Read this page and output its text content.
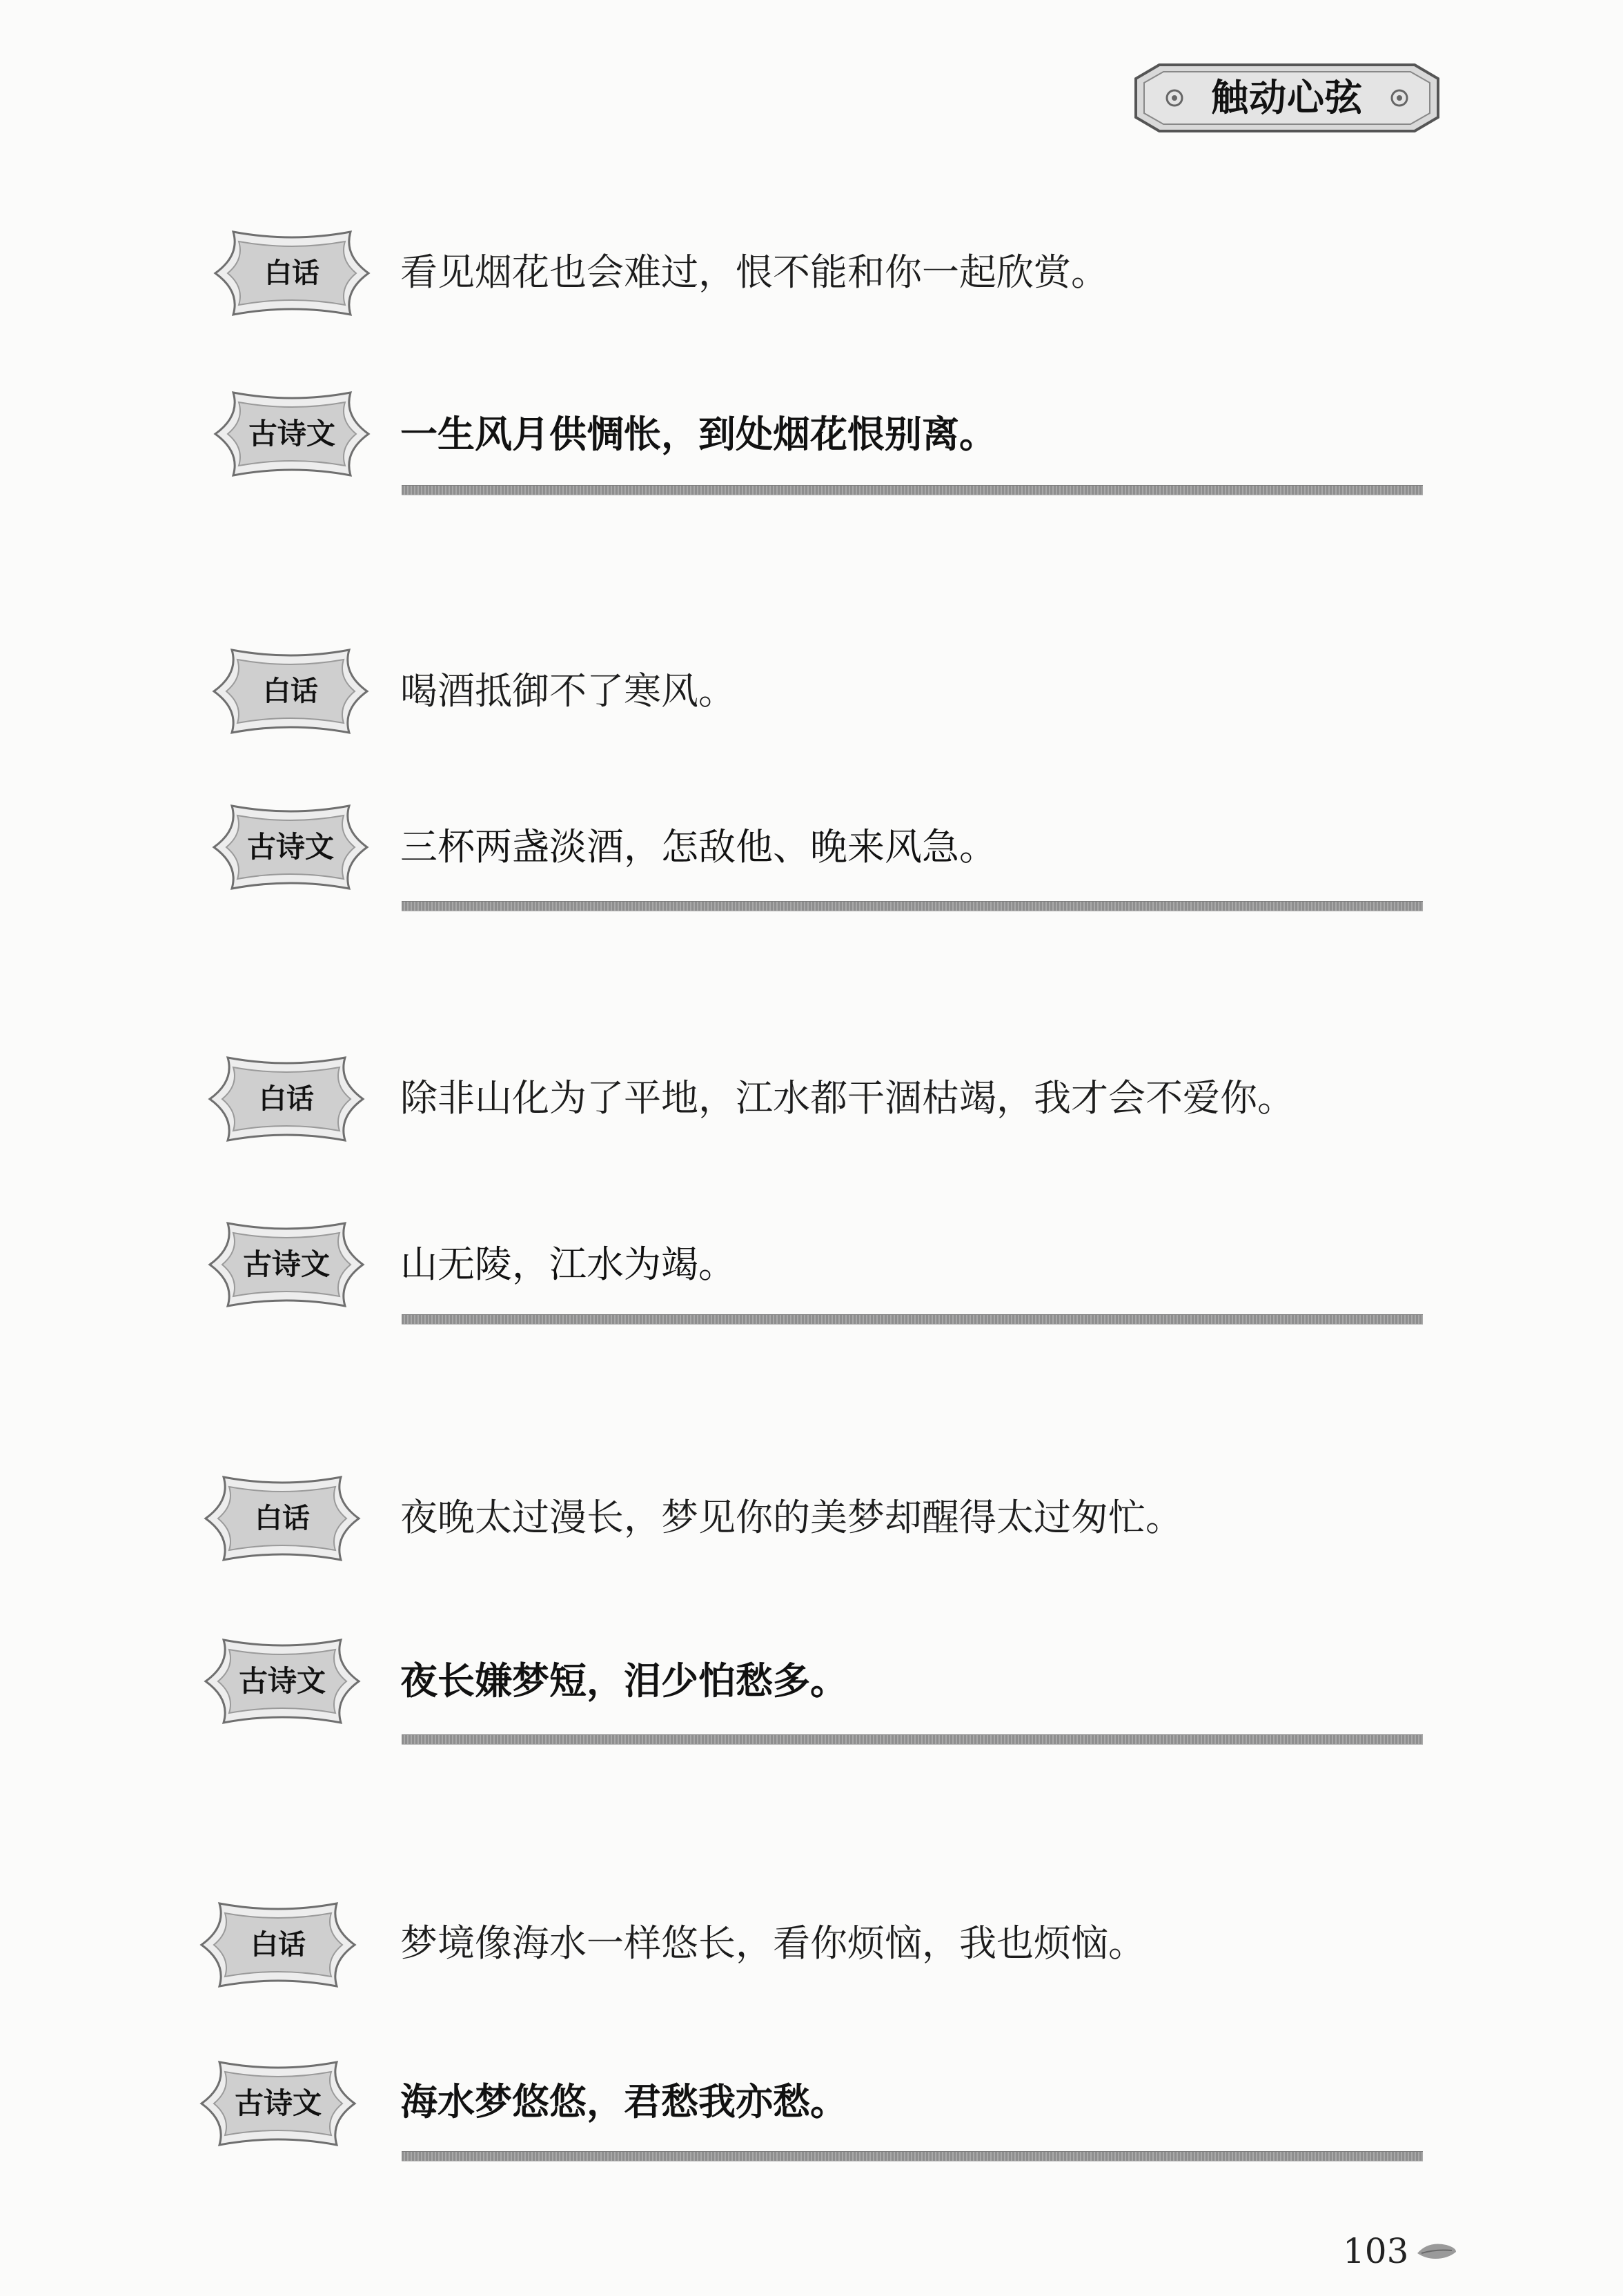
触动心弦
白话	看见烟花也会难过，恨不能和你一起欣赏。
古诗文	一生风月供惆怅，到处烟花恨别离。
白话	喝酒抵御不了寒风。
古诗文	三杯两盏淡酒，怎敌他、晚来风急。
白话	除非山化为了平地，江水都干涸枯竭，我才会不爱你。
古诗文	山无陵，江水为竭。
白话	夜晚太过漫长，梦见你的美梦却醒得太过匆忙。
古诗文	夜长嫌梦短，泪少怕愁多。
白话	梦境像海水一样悠长，看你烦恼，我也烦恼。
古诗文	海水梦悠悠，君愁我亦愁。
103
